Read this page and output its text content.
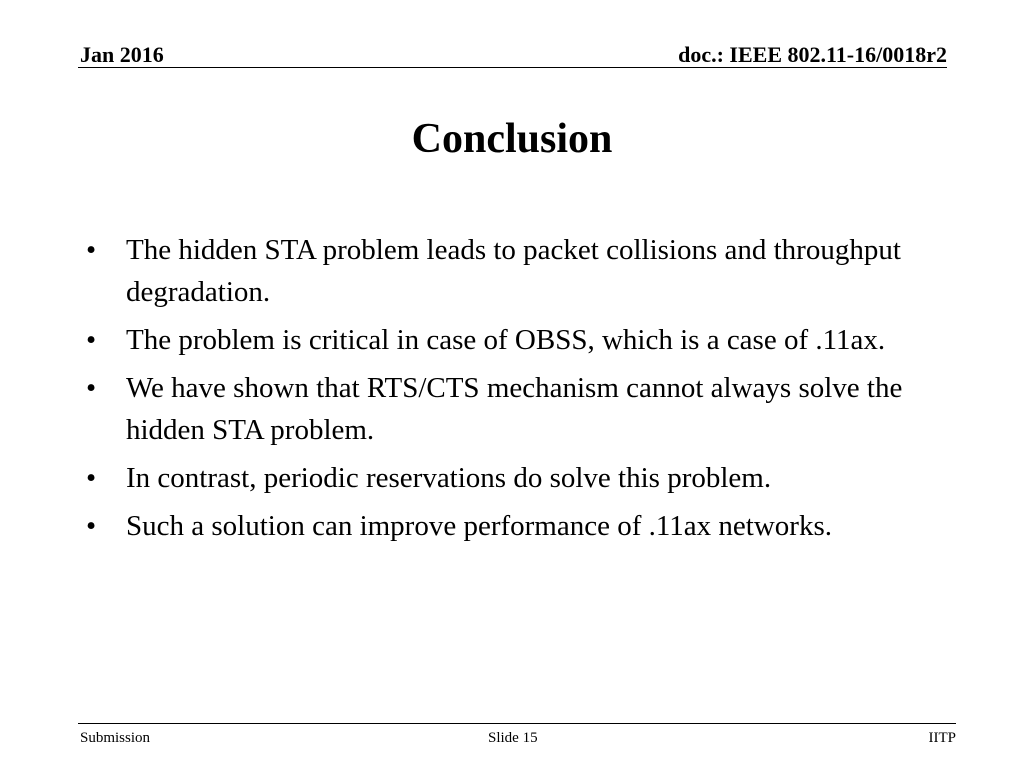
Jan 2016	doc.: IEEE 802.11-16/0018r2
Conclusion
•	The hidden STA problem leads to packet collisions and throughput degradation.
•	The problem is critical in case of OBSS, which is a case of .11ax.
•	We have shown that RTS/CTS mechanism cannot always solve the hidden STA problem.
•	In contrast, periodic reservations do solve this problem.
•	Such a solution can improve performance of .11ax networks.
Submission	Slide 15	IITP
